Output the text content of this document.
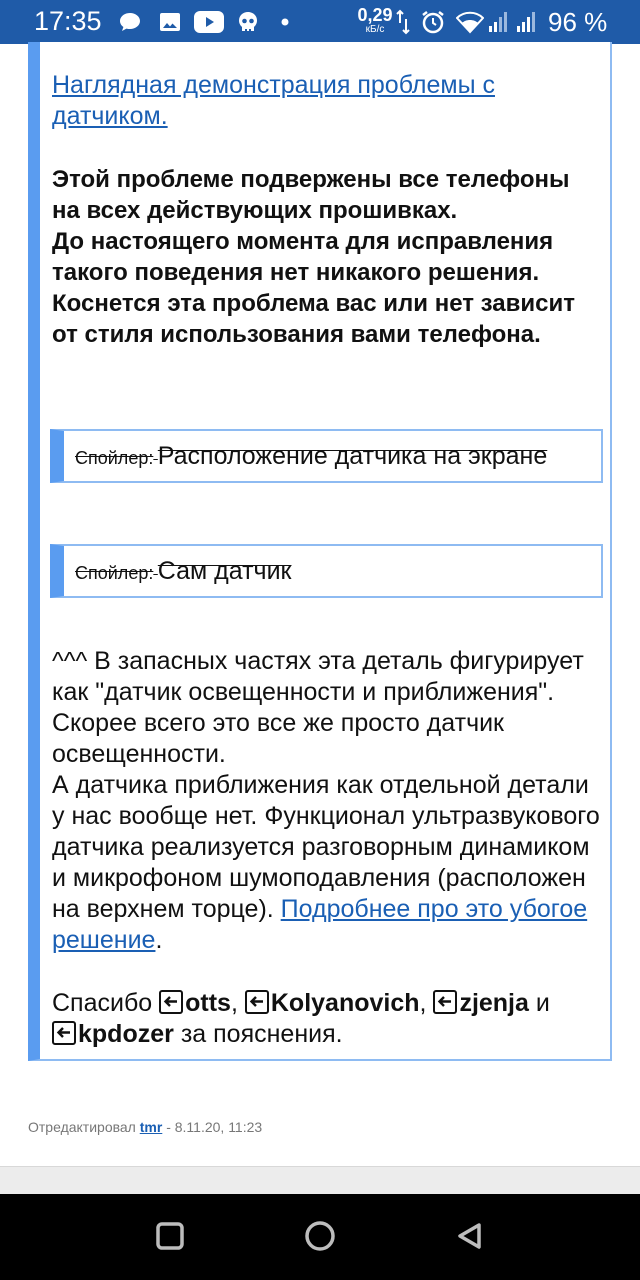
17:35	0,29
кБ/с	96 %
Наглядная демонстрация проблемы с датчиком.
Этой проблеме подвержены все телефоны на всех действующих прошивках.
До настоящего момента для исправления такого поведения нет никакого решения.
Коснется эта проблема вас или нет зависит от стиля использования вами телефона.
Спойлер: Расположение датчика на экране
Спойлер: Сам датчик
^^^ В запасных частях эта деталь фигурирует как "датчик освещенности и приближения". Скорее всего это все же просто датчик освещенности.
А датчика приближения как отдельной детали у нас вообще нет. Функционал ультразвукового датчика реализуется разговорным динамиком и микрофоном шумоподавления (расположен на верхнем торце). Подробнее про это убогое решение.
Спасибо otts, Kolyanovich, zjenja и
kpdozer за пояснения.
Отредактировал tmr - 8.11.20, 11:23
